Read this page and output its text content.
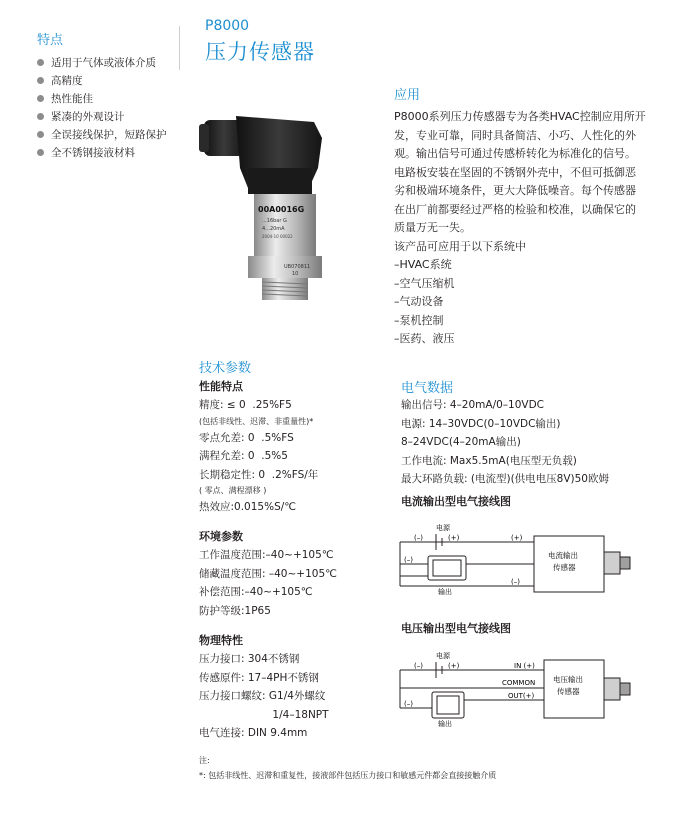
特点
适用于气体或液体介质
高精度
热性能佳
紧凑的外观设计
全误接线保护，短路保护
全不锈钢接液材料
P8000
压力传感器
00A0016G
...16bar G
4...20mA
2004-10 00022
UB070811
10
应用

P8000系列压力传感器专为各类HVAC控制应用所开

发，专业可靠，同时具备简洁、小巧、人性化的外

观。输出信号可通过传感桥转化为标准化的信号。

电路板安装在坚固的不锈钢外壳中，不但可抵御恶

劣和极端环境条件，更大大降低噪音。每个传感器

在出厂前都要经过严格的检验和校准，以确保它的

质量万无一失。

该产品可应用于以下系统中

–HVAC系统

–空气压缩机

–气动设备

–泵机控制

–医药、液压

技术参数
性能特点

精度: ≤ 0  .25%F5

(包括非线性、迟滞、非重量性)*

零点允差: 0  .5%FS

满程允差: 0  .5%5

长期稳定性: 0  .2%FS/年

( 零点、满程漂移 )

热效应:0.015%S/℃

环境参数

工作温度范围:–40~+105℃

储藏温度范围: –40~+105℃

补偿范围:–40~+105℃

防护等级:1P65

物理特性

压力接口: 304不锈钢

传感原件: 17–4PH不锈钢

压力接口螺纹: G1/4外螺纹

1/4–18NPT

电气连接: DIN 9.4mm

注:
*: 包括非线性、迟滞和重复性，接液部件包括压力接口和敏感元件都会直接接触介质
电气数据

输出信号: 4–20mA/0–10VDC

电源: 14–30VDC(0–10VDC输出)

8–24VDC(4–20mA输出)

工作电流: Max5.5mA(电压型无负载)

最大环路负载: (电流型)(供电电压8V)50欧姆

电流输出型电气接线图
电源
(–)	(+)	(+)
(–)
(–)
输出
电流输出
传感器
电压输出型电气接线图
电源
(–)	(+)	IN (+)
COMMON
OUT(+)
(–)
输出
电压输出
传感器
